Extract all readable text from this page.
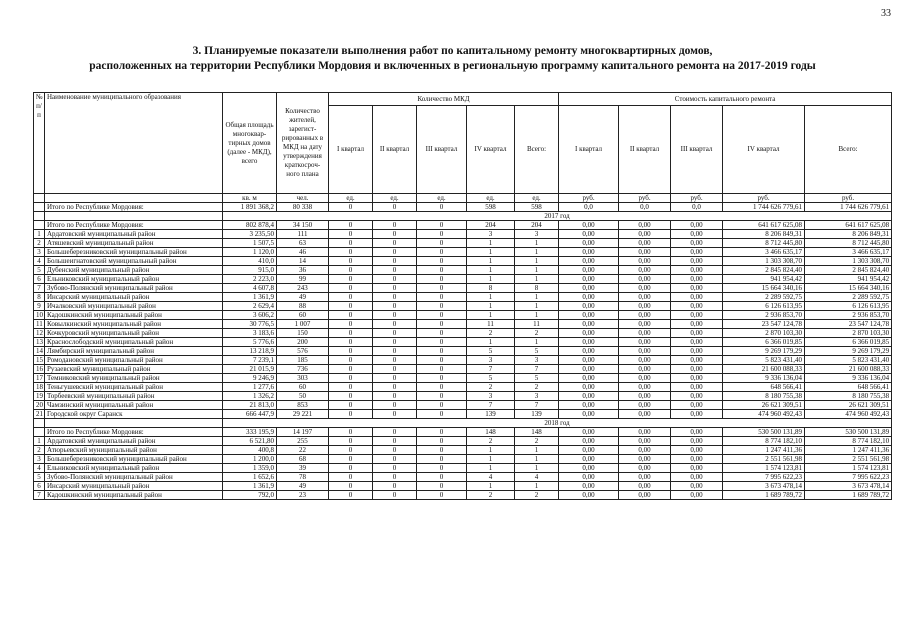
33
3. Планируемые показатели выполнения работ по капитальному ремонту многоквартирных домов,
расположенных на территории Республики Мордовия и включенных в региональную программу капитального ремонта на 2017-2019 годы
№ п/п	Наименование муниципального образования	Общая площадь многоквар-тирных домов (далее - МКД), всего	Количество жителей, зарегист-рированных в МКД на дату утверждения краткосроч-ного плана	Количество МКД					Стоимость капитального ремонта				
				I квартал	II квартал	III квартал	IV квартал	Всего:	I квартал	II квартал	III квартал	IV квартал	Всего:
		кв. м	чел.	ед.	ед.	ед.	ед.	ед.	руб.	руб.	руб.	руб.	руб.
	Итого по Республике Мордовия:	1 891 368,2	80 338	0	0	0	598	598	0,0	0,0	0,0	1 744 626 779,61	1 744 626 779,61
		2017 год											
	Итого по Республике Мордовия:	802 878,4	34 150	0	0	0	204	204	0,00	0,00	0,00	641 617 625,08	641 617 625,08
1	Ардатовский муниципальный район	3 235,50	111	0	0	0	3	3	0,00	0,00	0,00	8 206 849,31	8 206 849,31
2	Атяшевский муниципальный район	1 507,5	63	0	0	0	1	1	0,00	0,00	0,00	8 712 445,80	8 712 445,80
3	Большеберезниковский муниципальный район	1 120,0	46	0	0	0	1	1	0,00	0,00	0,00	3 466 635,17	3 466 635,17
4	Большеигнатовский муниципальный район	410,0	14	0	0	0	1	1	0,00	0,00	0,00	1 303 308,70	1 303 308,70
5	Дубенский муниципальный район	915,0	36	0	0	0	1	1	0,00	0,00	0,00	2 845 824,40	2 845 824,40
6	Ельниковский муниципальный район	2 223,0	99	0	0	0	1	1	0,00	0,00	0,00	941 954,42	941 954,42
7	Зубово-Полянский муниципальный район	4 607,8	243	0	0	0	8	8	0,00	0,00	0,00	15 664 340,16	15 664 340,16
8	Инсарский муниципальный район	1 361,9	49	0	0	0	1	1	0,00	0,00	0,00	2 289 592,75	2 289 592,75
9	Ичалковский муниципальный район	2 629,4	88	0	0	0	1	1	0,00	0,00	0,00	6 126 613,95	6 126 613,95
10	Кадошкинский муниципальный район	3 606,2	60	0	0	0	1	1	0,00	0,00	0,00	2 936 853,70	2 936 853,70
11	Ковылкинский муниципальный район	30 776,5	1 007	0	0	0	11	11	0,00	0,00	0,00	23 547 124,78	23 547 124,78
12	Кочкуровский муниципальный район	3 183,6	150	0	0	0	2	2	0,00	0,00	0,00	2 870 103,30	2 870 103,30
13	Краснослободский муниципальный район	5 776,6	200	0	0	0	1	1	0,00	0,00	0,00	6 366 019,85	6 366 019,85
14	Лямбирский муниципальный район	13 218,9	576	0	0	0	5	5	0,00	0,00	0,00	9 269 179,29	9 269 179,29
15	Ромодановский муниципальный район	7 239,1	185	0	0	0	3	3	0,00	0,00	0,00	5 823 431,40	5 823 431,40
16	Рузаевский муниципальный район	21 015,9	736	0	0	0	7	7	0,00	0,00	0,00	21 600 088,33	21 600 088,33
17	Темниковский муниципальный район	9 246,9	303	0	0	0	5	5	0,00	0,00	0,00	9 336 136,04	9 336 136,04
18	Теньгушевский муниципальный район	1 277,6	60	0	0	0	2	2	0,00	0,00	0,00	648 566,41	648 566,41
19	Торбеевский муниципальный район	1 326,2	50	0	0	0	3	3	0,00	0,00	0,00	8 180 755,38	8 180 755,38
20	Чамзинский муниципальный район	21 813,0	853	0	0	0	7	7	0,00	0,00	0,00	26 621 309,51	26 621 309,51
21	Городской округ Саранск	666 447,9	29 221	0	0	0	139	139	0,00	0,00	0,00	474 960 492,43	474 960 492,43
		2018 год											
	Итого по Республике Мордовия:	333 195,9	14 197	0	0	0	148	148	0,00	0,00	0,00	530 500 131,89	530 500 131,89
1	Ардатовский муниципальный район	6 521,80	255	0	0	0	2	2	0,00	0,00	0,00	8 774 182,10	8 774 182,10
2	Атюрьевский муниципальный район	400,8	22	0	0	0	1	1	0,00	0,00	0,00	1 247 411,36	1 247 411,36
3	Большеберезниковский муниципальный район	1 200,0	68	0	0	0	1	1	0,00	0,00	0,00	2 551 561,98	2 551 561,98
4	Ельниковский муниципальный район	1 359,0	39	0	0	0	1	1	0,00	0,00	0,00	1 574 123,81	1 574 123,81
5	Зубово-Полянский муниципальный район	1 652,6	78	0	0	0	4	4	0,00	0,00	0,00	7 995 622,23	7 995 622,23
6	Инсарский муниципальный район	1 361,9	49	0	0	0	1	1	0,00	0,00	0,00	3 673 478,14	3 673 478,14
7	Кадошкинский муниципальный район	792,0	23	0	0	0	2	2	0,00	0,00	0,00	1 689 789,72	1 689 789,72
